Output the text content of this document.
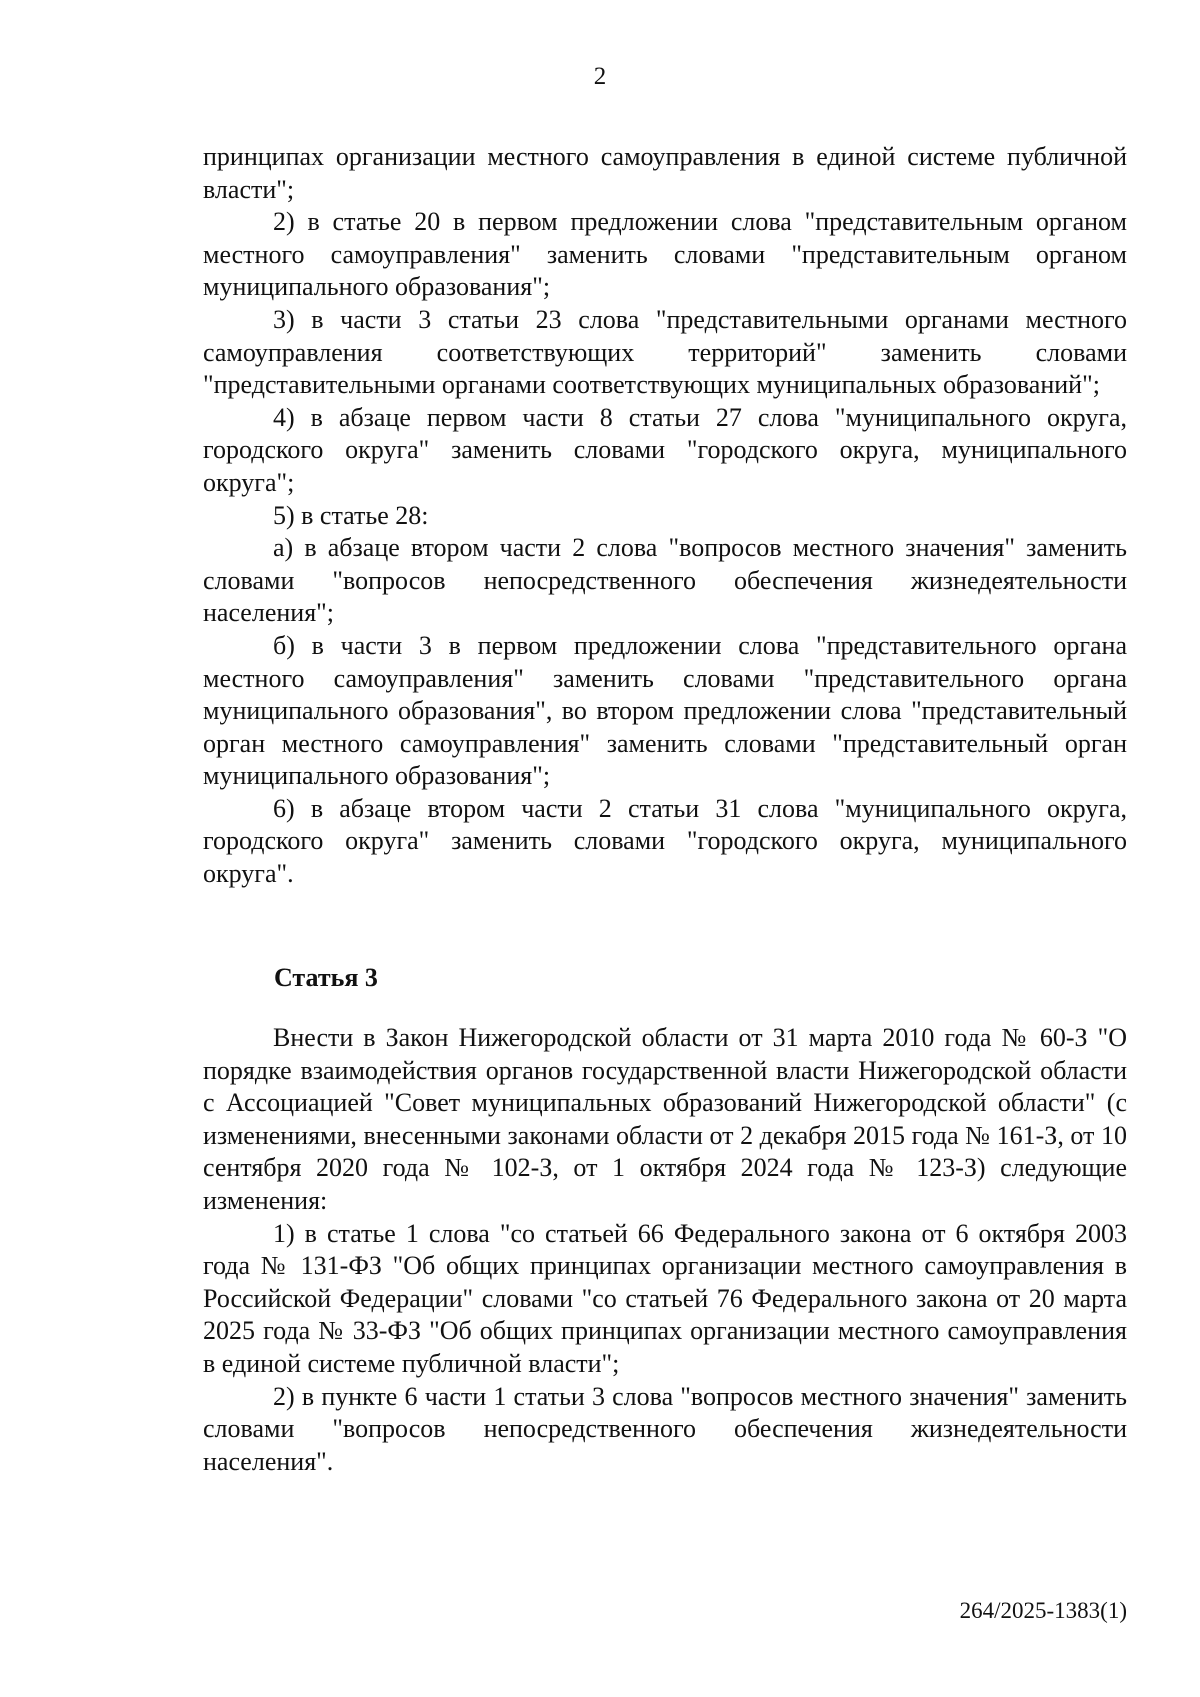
2

принципах организации местного самоуправления в единой системе публичной власти";

2) в статье 20 в первом предложении слова "представительным органом местного самоуправления" заменить словами "представительным органом муниципального образования";

3) в части 3 статьи 23 слова "представительными органами местного самоуправления соответствующих территорий" заменить словами "представительными органами соответствующих муниципальных образований";

4) в абзаце первом части 8 статьи 27 слова "муниципального округа, городского округа" заменить словами "городского округа, муниципального округа";

5) в статье 28:

а) в абзаце втором части 2 слова "вопросов местного значения" заменить словами "вопросов непосредственного обеспечения жизнедеятельности населения";

б) в части 3 в первом предложении слова "представительного органа местного самоуправления" заменить словами "представительного органа муниципального образования", во втором предложении слова "представительный орган местного самоуправления" заменить словами "представительный орган муниципального образования";

6) в абзаце втором части 2 статьи 31 слова "муниципального округа, городского округа" заменить словами "городского округа, муниципального округа".

Статья 3

Внести в Закон Нижегородской области от 31 марта 2010 года № 60-З "О порядке взаимодействия органов государственной власти Нижегородской области с Ассоциацией "Совет муниципальных образований Нижегородской области" (с изменениями, внесенными законами области от 2 декабря 2015 года № 161-З, от 10 сентября 2020 года № 102-З, от 1 октября 2024 года № 123-З) следующие изменения:

1) в статье 1 слова "со статьей 66 Федерального закона от 6 октября 2003 года № 131-ФЗ "Об общих принципах организации местного самоуправления в Российской Федерации" словами "со статьей 76 Федерального закона от 20 марта 2025 года № 33-ФЗ "Об общих принципах организации местного самоуправления в единой системе публичной власти";

2) в пункте 6 части 1 статьи 3 слова "вопросов местного значения" заменить словами "вопросов непосредственного обеспечения жизнедеятельности населения".

264/2025-1383(1)
